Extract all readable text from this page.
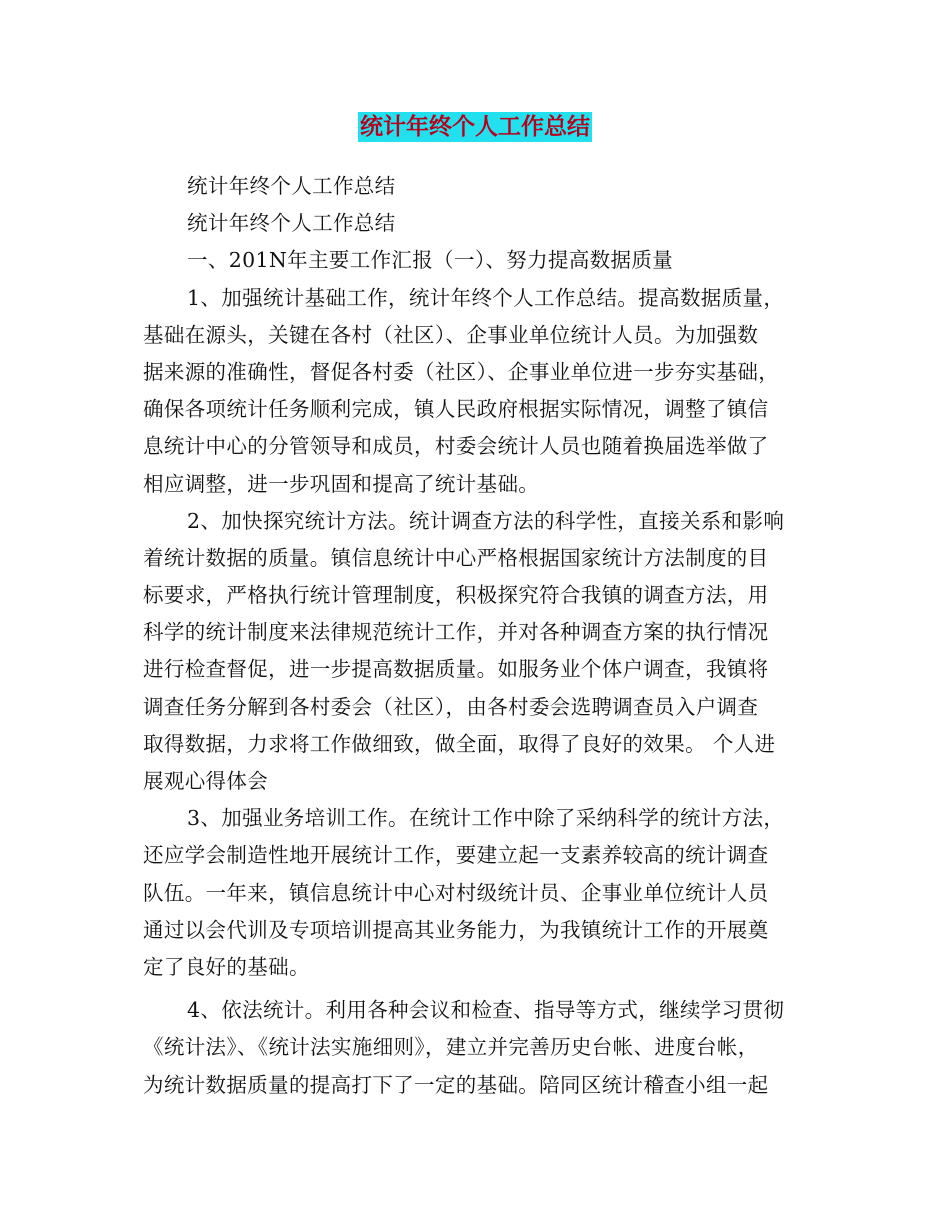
统计年终个人工作总结
统计年终个人工作总结
统计年终个人工作总结
一、201N年主要工作汇报（一）、努力提高数据质量
1、加强统计基础工作，统计年终个人工作总结。提高数据质量，
基础在源头，关键在各村（社区）、企事业单位统计人员。为加强数
据来源的准确性，督促各村委（社区）、企事业单位进一步夯实基础，
确保各项统计任务顺利完成，镇人民政府根据实际情况，调整了镇信
息统计中心的分管领导和成员，村委会统计人员也随着换届选举做了
相应调整，进一步巩固和提高了统计基础。
2、加快探究统计方法。统计调查方法的科学性，直接关系和影响
着统计数据的质量。镇信息统计中心严格根据国家统计方法制度的目
标要求，严格执行统计管理制度，积极探究符合我镇的调查方法，用
科学的统计制度来法律规范统计工作，并对各种调查方案的执行情况
进行检查督促，进一步提高数据质量。如服务业个体户调查，我镇将
调查任务分解到各村委会（社区），由各村委会选聘调查员入户调查
取得数据，力求将工作做细致，做全面，取得了良好的效果。 个人进
展观心得体会
3、加强业务培训工作。在统计工作中除了采纳科学的统计方法，
还应学会制造性地开展统计工作，要建立起一支素养较高的统计调查
队伍。一年来，镇信息统计中心对村级统计员、企事业单位统计人员
通过以会代训及专项培训提高其业务能力，为我镇统计工作的开展奠
定了良好的基础。
4、依法统计。利用各种会议和检查、指导等方式，继续学习贯彻
《统计法》、《统计法实施细则》，建立并完善历史台帐、进度台帐，
为统计数据质量的提高打下了一定的基础。陪同区统计稽查小组一起
